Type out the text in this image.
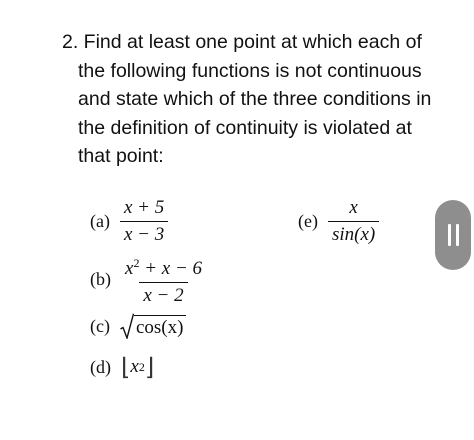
2. Find at least one point at which each of
the following functions is not continuous
and state which of the three conditions in
the definition of continuity is violated at
that point:
$(a) \frac{x + 5}{x - 3}$	$(e) \frac{x}{\sin(x)}$
$(b) \frac{x^2 + x - 6}{x - 2}$
(c) cos(x)
(d) ⌊ x 2 ⌋
